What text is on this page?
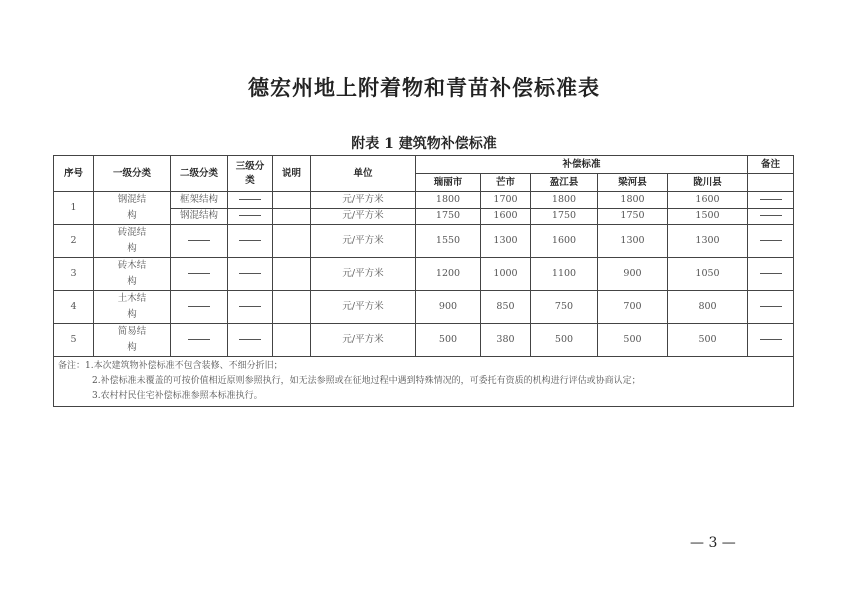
德宏州地上附着物和青苗补偿标准表
附表 1 建筑物补偿标准
序号	一级分类	二级分类	三级分类	说明	单位	补偿标准					备注
						瑞丽市	芒市	盈江县	梁河县	陇川县	
1	钢混结构	框架结构			元/平方米	1800	1700	1800	1800	1600	
		钢混结构			元/平方米	1750	1600	1750	1750	1500	
2	砖混结构				元/平方米	1550	1300	1600	1300	1300	
3	砖木结构				元/平方米	1200	1000	1100	900	1050	
4	土木结构				元/平方米	900	850	750	700	800	
5	简易结构				元/平方米	500	380	500	500	500	

备注：1.本次建筑物补偿标准不包含装修、不细分折旧；
2.补偿标准未覆盖的可按价值相近原则参照执行，如无法参照或在征地过程中遇到特殊情况的，可委托有资质的机构进行评估或协商认定；
3.农村村民住宅补偿标准参照本标准执行。											
— 3 —
